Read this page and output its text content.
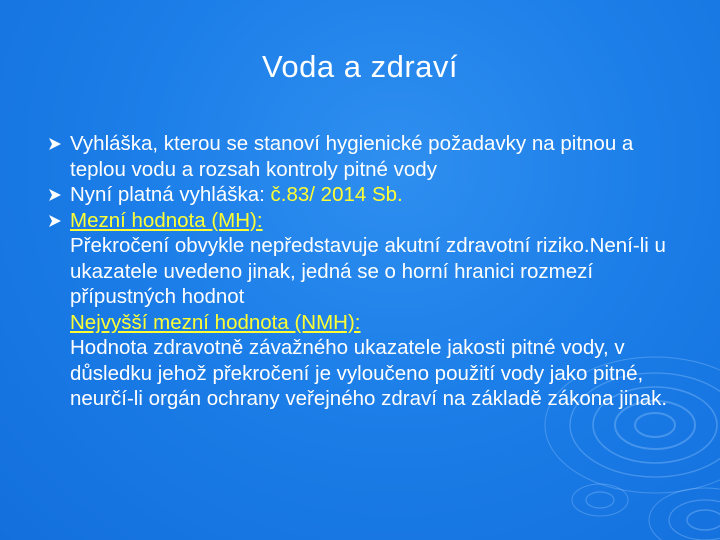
Voda a zdraví
Vyhláška, kterou se stanoví hygienické požadavky na pitnou a teplou vodu a rozsah kontroly pitné vody
Nyní platná vyhláška: č.83/ 2014 Sb.
Mezní hodnota (MH):
Překročení obvykle nepředstavuje akutní zdravotní riziko.Není-li u ukazatele uvedeno jinak, jedná se o horní hranici rozmezí přípustných hodnot
Nejvyšší mezní hodnota (NMH):
Hodnota zdravotně závažného ukazatele jakosti pitné vody, v důsledku jehož překročení je vyloučeno použití vody jako pitné, neurčí-li orgán ochrany veřejného zdraví na základě zákona jinak.
